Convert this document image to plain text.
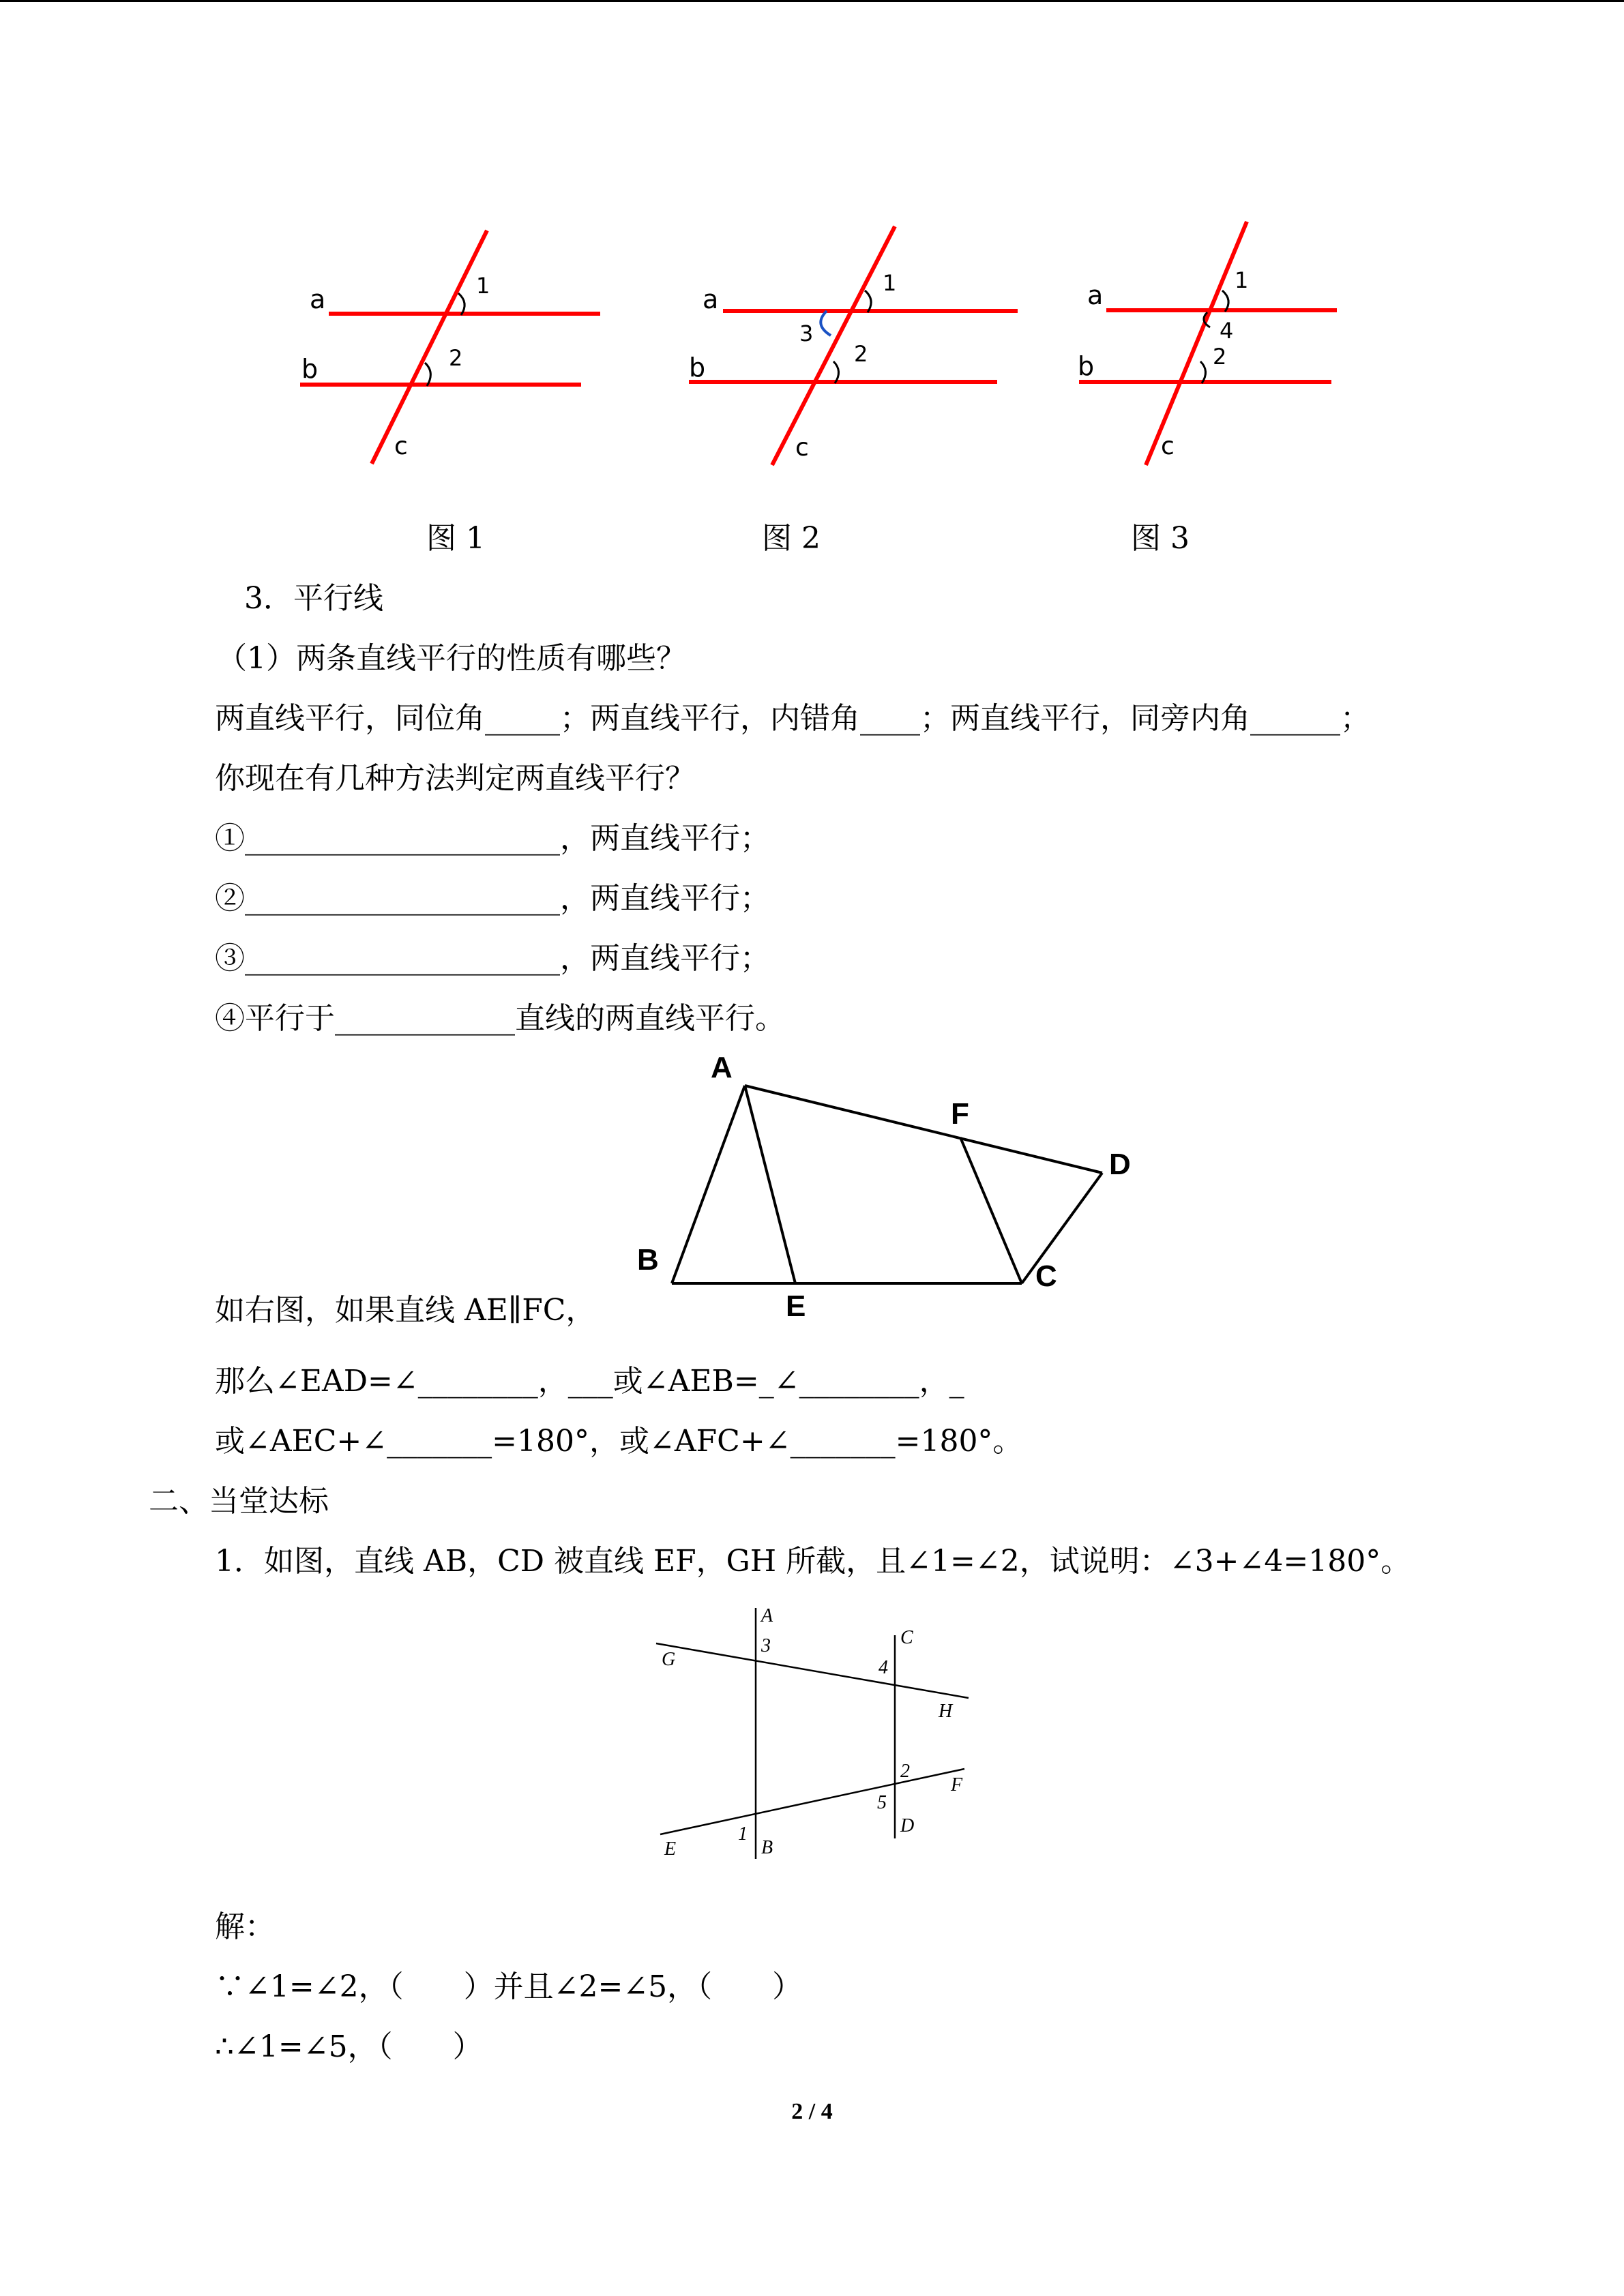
a
b
c
1
2
图 1
a
b
c
1
2
3
图 2
a
b
c
1
2
4
图 3
3．平行线
（1）两条直线平行的性质有哪些？
两直线平行，同位角_____；两直线平行，内错角____；两直线平行，同旁内角______；
你现在有几种方法判定两直线平行？
①_____________________，两直线平行；
②_____________________，两直线平行；
③_____________________，两直线平行；
④平行于____________直线的两直线平行。
A
B	C
D
E
F
如右图，如果直线 AE∥FC，
那么∠EAD=∠________，___或∠AEB=_∠________，_
或∠AEC+∠_______=180°，或∠AFC+∠_______=180°。
二、当堂达标
1．如图，直线 AB，CD 被直线 EF，GH 所截，且∠1=∠2，试说明：∠3+∠4=180°。
A
B
C
D
E
F
G
H
1
2
3
4
5
解：
∵∠1=∠2，（　　）并且∠2=∠5，（　　）
∴∠1=∠5，（　　）
2 / 4
